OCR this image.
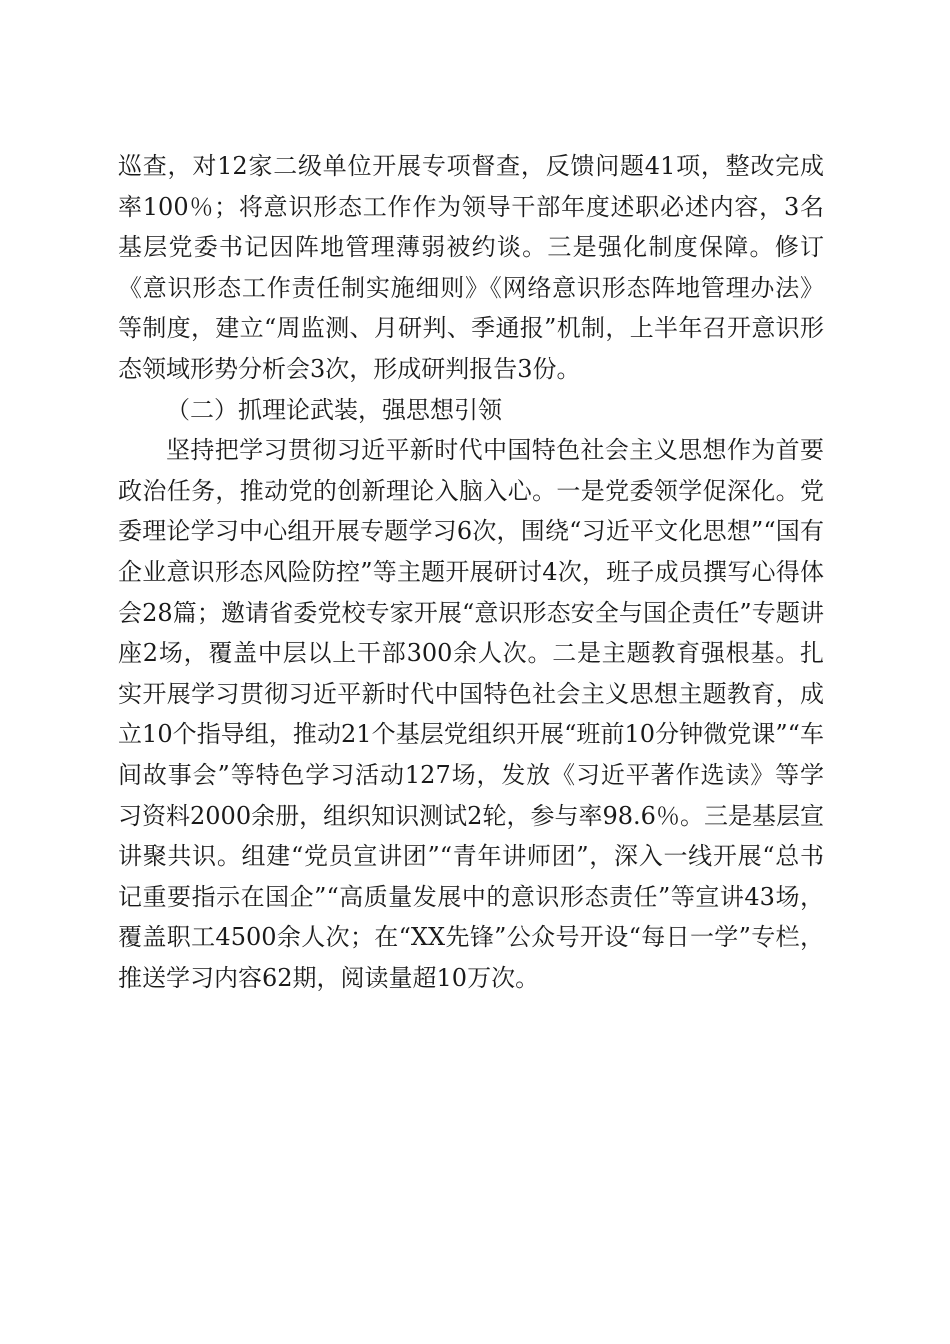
巡查，对12家二级单位开展专项督查，反馈问题41项，整改完成率100％；将意识形态工作作为领导干部年度述职必述内容，3名基层党委书记因阵地管理薄弱被约谈。三是强化制度保障。修订《意识形态工作责任制实施细则》《网络意识形态阵地管理办法》等制度，建立“周监测、月研判、季通报”机制，上半年召开意识形态领域形势分析会3次，形成研判报告3份。

（二）抓理论武装，强思想引领

坚持把学习贯彻习近平新时代中国特色社会主义思想作为首要政治任务，推动党的创新理论入脑入心。一是党委领学促深化。党委理论学习中心组开展专题学习6次，围绕“习近平文化思想”“国有企业意识形态风险防控”等主题开展研讨4次，班子成员撰写心得体会28篇；邀请省委党校专家开展“意识形态安全与国企责任”专题讲座2场，覆盖中层以上干部300余人次。二是主题教育强根基。扎实开展学习贯彻习近平新时代中国特色社会主义思想主题教育，成立10个指导组，推动21个基层党组织开展“班前10分钟微党课”“车间故事会”等特色学习活动127场，发放《习近平著作选读》等学习资料2000余册，组织知识测试2轮，参与率98.6％。三是基层宣讲聚共识。组建“党员宣讲团”“青年讲师团”，深入一线开展“总书记重要指示在国企”“高质量发展中的意识形态责任”等宣讲43场，覆盖职工4500余人次；在“XX先锋”公众号开设“每日一学”专栏，推送学习内容62期，阅读量超10万次。
